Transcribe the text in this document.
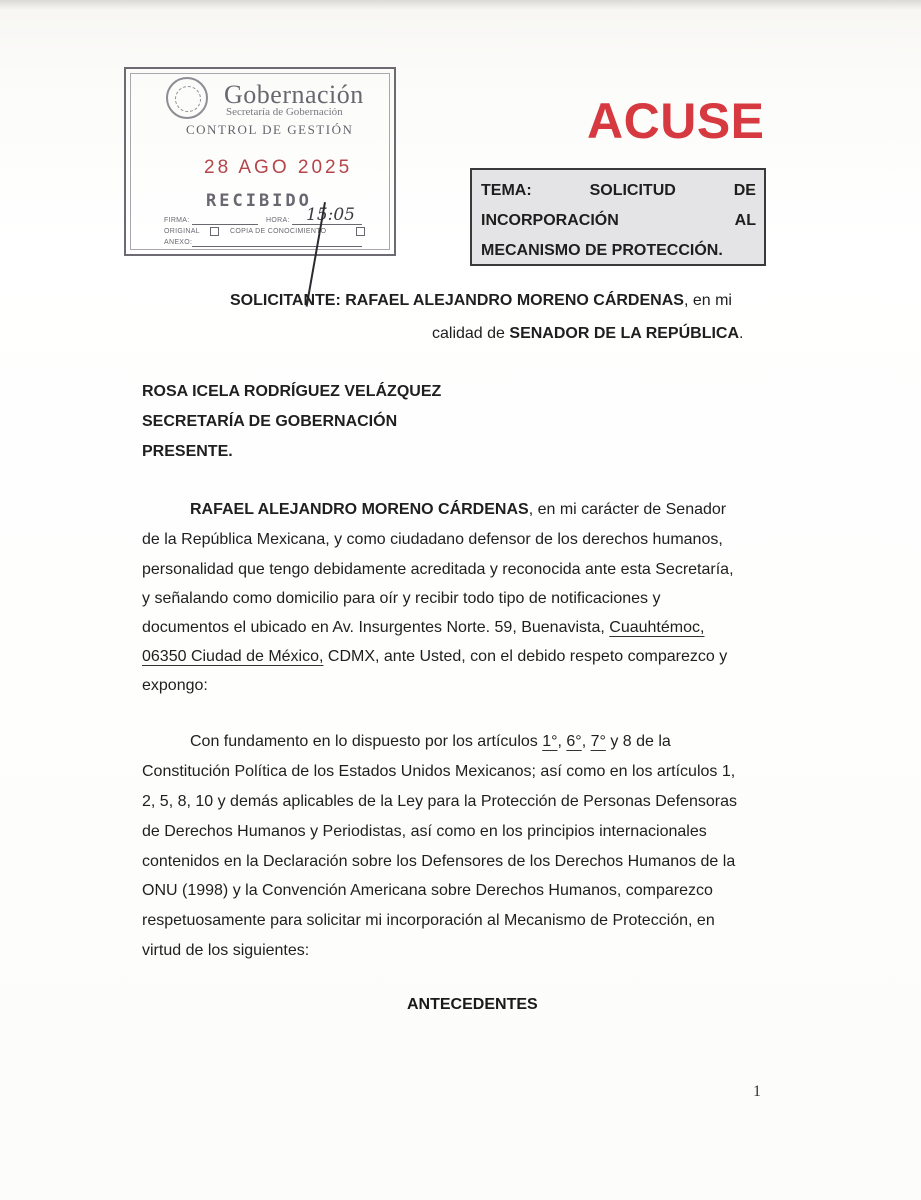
Gobernación
Secretaría de Gobernación
CONTROL DE GESTIÓN
28 AGO 2025
RECIBIDO
FIRMA:	HORA: 15:05
ORIGINAL	COPIA DE CONOCIMIENTO
ANEXO:
ACUSE
TEMA:	SOLICITUD	DE
INCORPORACIÓN	AL
MECANISMO DE PROTECCIÓN.
SOLICITANTE: RAFAEL ALEJANDRO MORENO CÁRDENAS, en mi
calidad de SENADOR DE LA REPÚBLICA.
ROSA ICELA RODRÍGUEZ VELÁZQUEZ
SECRETARÍA DE GOBERNACIÓN
PRESENTE.
RAFAEL ALEJANDRO MORENO CÁRDENAS, en mi carácter de Senador
de la República Mexicana, y como ciudadano defensor de los derechos humanos,
personalidad que tengo debidamente acreditada y reconocida ante esta Secretaría,
y señalando como domicilio para oír y recibir todo tipo de notificaciones y
documentos el ubicado en Av. Insurgentes Norte. 59, Buenavista, Cuauhtémoc,
06350 Ciudad de México, CDMX, ante Usted, con el debido respeto comparezco y
expongo:
Con fundamento en lo dispuesto por los artículos 1°, 6°, 7° y 8 de la
Constitución Política de los Estados Unidos Mexicanos; así como en los artículos 1,
2, 5, 8, 10 y demás aplicables de la Ley para la Protección de Personas Defensoras
de Derechos Humanos y Periodistas, así como en los principios internacionales
contenidos en la Declaración sobre los Defensores de los Derechos Humanos de la
ONU (1998) y la Convención Americana sobre Derechos Humanos, comparezco
respetuosamente para solicitar mi incorporación al Mecanismo de Protección, en
virtud de los siguientes:
ANTECEDENTES
1
